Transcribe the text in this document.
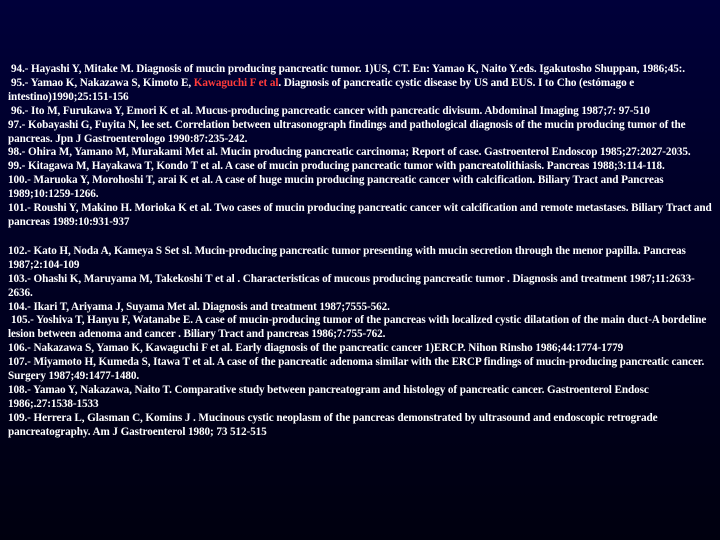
94.- Hayashi Y, Mitake M. Diagnosis of mucin producing pancreatic tumor. 1)US, CT. En: Yamao K, Naito Y.eds. Igakutosho Shuppan, 1986;45:.

95.- Yamao K, Nakazawa S, Kimoto E, Kawaguchi F et al. Diagnosis of pancreatic cystic disease by US and EUS. I to Cho (estómago e intestino)1990;25:151-156

96.- Ito M, Furukawa Y, Emori K et al. Mucus-producing pancreatic cancer with pancreatic divisum. Abdominal Imaging 1987;7: 97-510

97.- Kobayashi G, Fuyita N, lee set. Correlation between ultrasonograph findings and pathological diagnosis of the mucin producing tumor of the pancreas. Jpn J Gastroenterologo 1990:87:235-242.

98.- Ohira M, Yamano M, Murakami Met al. Mucin producing pancreatic carcinoma; Report of case. Gastroenterol Endoscop 1985;27:2027-2035.

99.- Kitagawa M, Hayakawa T, Kondo T et al. A case of mucin producing pancreatic tumor with pancreatolithiasis. Pancreas 1988;3:114-118.

100.- Maruoka Y, Morohoshi T, arai K et al. A case of huge mucin producing pancreatic cancer with calcification. Biliary Tract and Pancreas 1989;10:1259-1266.

101.- Roushi Y, Makino H. Morioka K et al. Two cases of mucin producing pancreatic cancer wit calcification and remote metastases. Biliary Tract and pancreas 1989:10:931-937

102.- Kato H, Noda A, Kameya S Set sl. Mucin-producing pancreatic tumor presenting with mucin secretion through the menor papilla. Pancreas 1987;2:104-109

103.- Ohashi K, Maruyama M, Takekoshi T et al . Characteristicas of mucous producing pancreatic tumor . Diagnosis and treatment 1987;11:2633-2636.

104.- Ikari T, Ariyama J, Suyama Met al. Diagnosis and treatment 1987;7555-562.

105.- Yoshiva T, Hanyu F, Watanabe E. A case of mucin-producing tumor of the pancreas with localized cystic dilatation of the main duct-A bordeline lesion between adenoma and cancer . Biliary Tract and pancreas 1986;7:755-762.

106.- Nakazawa S, Yamao K, Kawaguchi F et al. Early diagnosis of the pancreatic cancer 1)ERCP. Nihon Rinsho 1986;44:1774-1779

107.- Miyamoto H, Kumeda S, Itawa T et al. A case of the pancreatic adenoma similar with the ERCP findings of mucin-producing pancreatic cancer. Surgery 1987;49:1477-1480.

108.- Yamao Y, Nakazawa, Naito T. Comparative study between pancreatogram and histology of pancreatic cancer. Gastroenterol Endosc 1986;.27:1538-1533

109.- Herrera L, Glasman C, Komins J . Mucinous cystic neoplasm of the pancreas demonstrated by ultrasound and endoscopic retrograde pancreatography. Am J Gastroenterol 1980; 73 512-515
